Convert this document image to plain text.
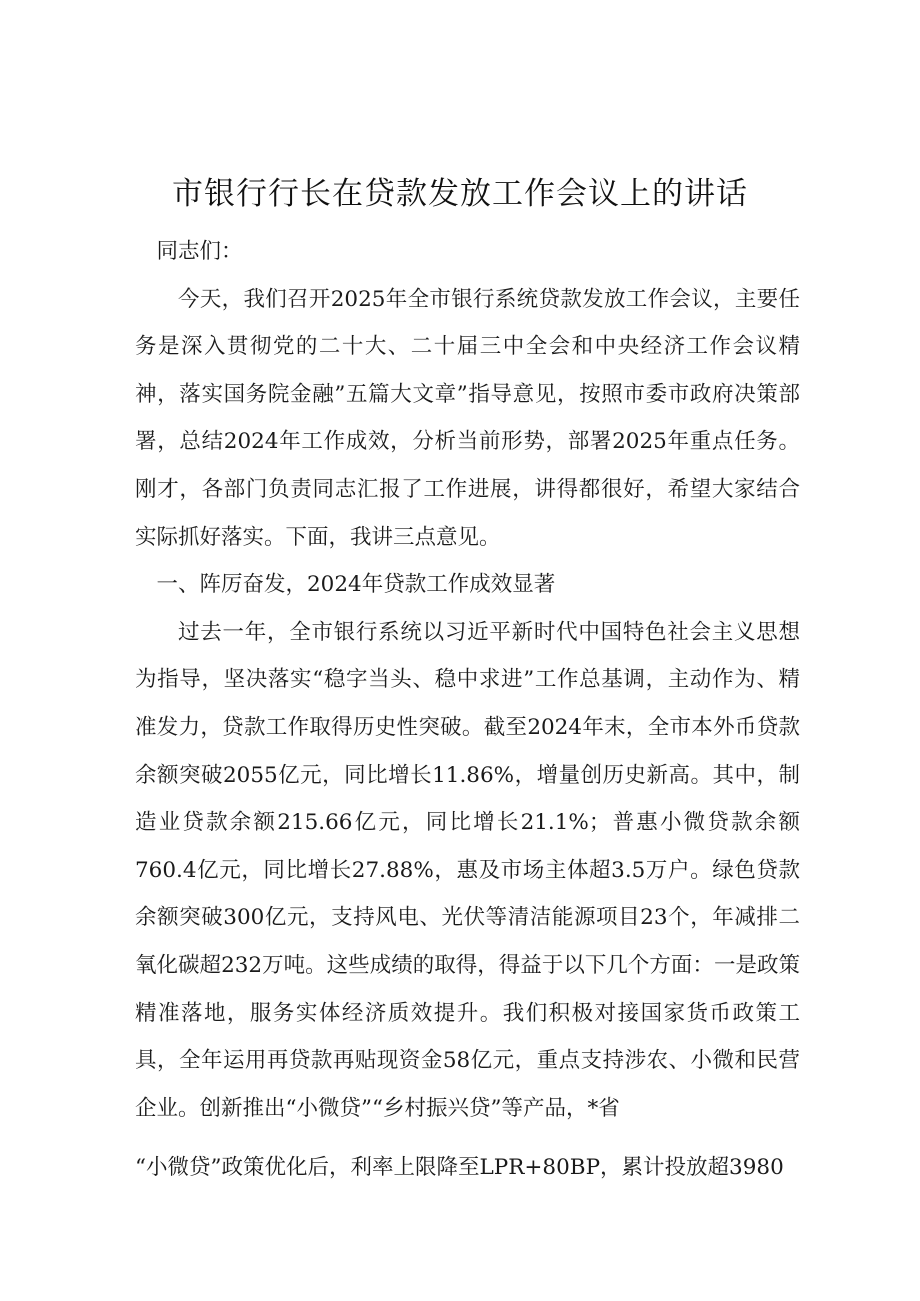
市银行行长在贷款发放工作会议上的讲话

同志们：

今天，我们召开2025年全市银行系统贷款发放工作会议，主要任务是深入贯彻党的二十大、二十届三中全会和中央经济工作会议精神，落实国务院金融”五篇大文章”指导意见，按照市委市政府决策部署，总结2024年工作成效，分析当前形势，部署2025年重点任务。刚才，各部门负责同志汇报了工作进展，讲得都很好，希望大家结合实际抓好落实。下面，我讲三点意见。

一、阵厉奋发，2024年贷款工作成效显著

过去一年，全市银行系统以习近平新时代中国特色社会主义思想为指导，坚决落实“稳字当头、稳中求进”工作总基调，主动作为、精准发力，贷款工作取得历史性突破。截至2024年末，全市本外币贷款余额突破2055亿元，同比增长11.86%，增量创历史新高。其中，制造业贷款余额215.66亿元，同比增长21.1%；普惠小微贷款余额760.4亿元，同比增长27.88%，惠及市场主体超3.5万户。绿色贷款余额突破300亿元，支持风电、光伏等清洁能源项目23个，年减排二氧化碳超232万吨。这些成绩的取得，得益于以下几个方面：一是政策精准落地，服务实体经济质效提升。我们积极对接国家货币政策工具，全年运用再贷款再贴现资金58亿元，重点支持涉农、小微和民营企业。创新推出“小微贷”“乡村振兴贷”等产品，*省

“小微贷”政策优化后，利率上限降至LPR+80BP，累计投放超3980
